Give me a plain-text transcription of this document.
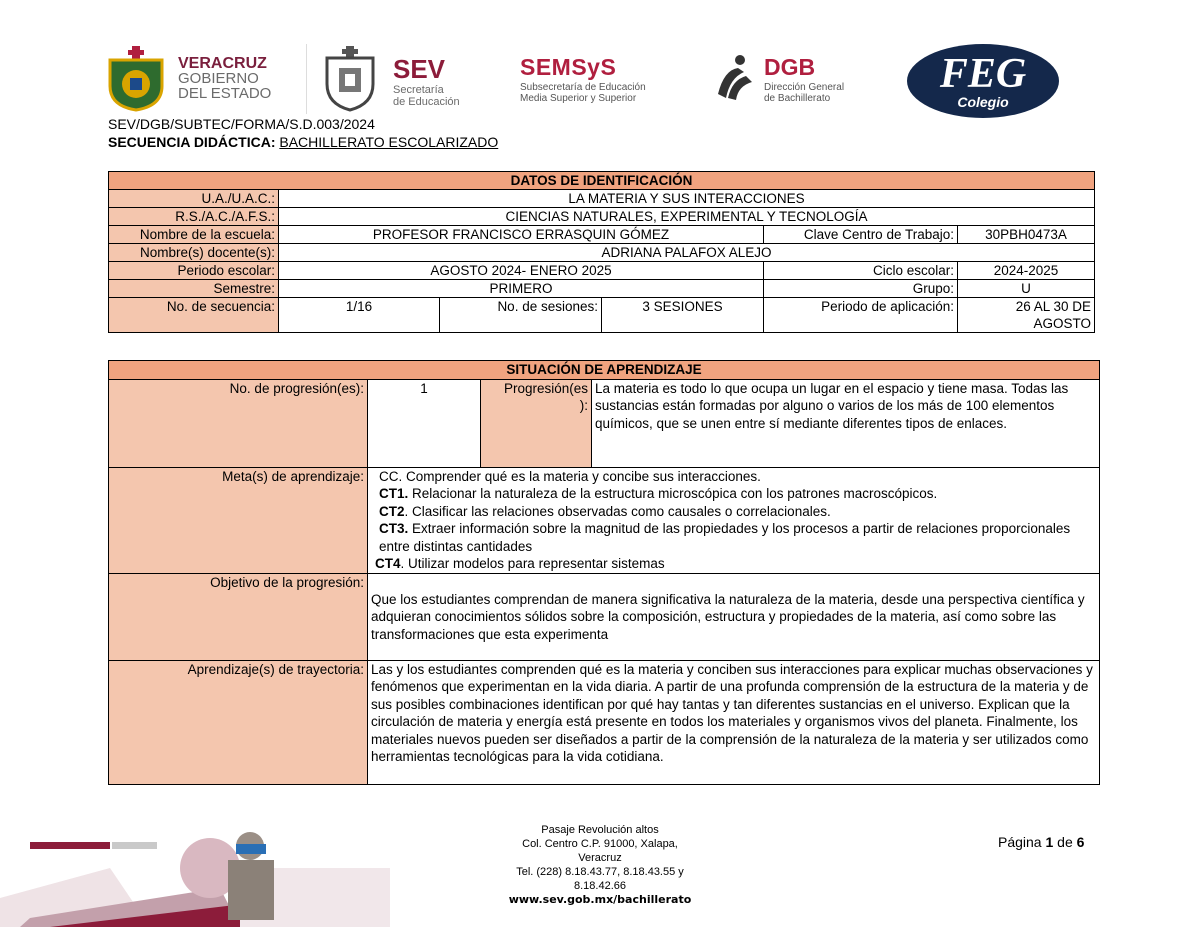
VERACRUZ
GOBIERNO
DEL ESTADO
SEV
Secretaría
de Educación
SEMSyS
Subsecretaría de Educación
Media Superior y Superior
DGB
Dirección General
de Bachillerato
FEG
Colegio
SEV/DGB/SUBTEC/FORMA/S.D.003/2024
SECUENCIA DIDÁCTICA: BACHILLERATO ESCOLARIZADO
DATOS DE IDENTIFICACIÓN					
U.A./U.A.C.:	LA MATERIA Y SUS INTERACCIONES				
R.S./A.C./A.F.S.:	CIENCIAS NATURALES, EXPERIMENTAL Y TECNOLOGÍA				
Nombre de la escuela:	PROFESOR FRANCISCO ERRASQUIN GÓMEZ			Clave Centro de Trabajo:	30PBH0473A
Nombre(s) docente(s):	ADRIANA PALAFOX ALEJO				
Periodo escolar:	AGOSTO 2024- ENERO 2025			Ciclo escolar:	2024-2025
Semestre:	PRIMERO			Grupo:	U
No. de secuencia:	1/16	No. de sesiones:	3 SESIONES	Periodo de aplicación:	26 AL 30 DE
AGOSTO
SITUACIÓN DE APRENDIZAJE			
No. de progresión(es):	1	Progresión(es
):	La materia es todo lo que ocupa un lugar en el espacio y tiene masa. Todas las sustancias están formadas por alguno o varios de los más de 100 elementos químicos, que se unen entre sí mediante diferentes tipos de enlaces.
Meta(s) de aprendizaje:	CC. Comprender qué es la materia y concibe sus interacciones.
CT1. Relacionar la naturaleza de la estructura microscópica con los patrones macroscópicos.
CT2. Clasificar las relaciones observadas como causales o correlacionales.
CT3. Extraer información sobre la magnitud de las propiedades y los procesos a partir de relaciones proporcionales entre distintas cantidades
CT4. Utilizar modelos para representar sistemas		

Objetivo de la progresión:	Que los estudiantes comprendan de manera significativa la naturaleza de la materia, desde una perspectiva científica y adquieran conocimientos sólidos sobre la composición, estructura y propiedades de la materia, así como sobre las transformaciones que esta experimenta		
Aprendizaje(s) de trayectoria:	Las y los estudiantes comprenden qué es la materia y conciben sus interacciones para explicar muchas observaciones y fenómenos que experimentan en la vida diaria. A partir de una profunda comprensión de la estructura de la materia y de sus posibles combinaciones identifican por qué hay tantas y tan diferentes sustancias en el universo. Explican que la circulación de materia y energía está presente en todos los materiales y organismos vivos del planeta. Finalmente, los materiales nuevos pueden ser diseñados a partir de la comprensión de la naturaleza de la materia y ser utilizados como herramientas tecnológicas para la vida cotidiana.		
Pasaje Revolución altos
Col. Centro C.P. 91000, Xalapa,
Veracruz
Tel. (228) 8.18.43.77, 8.18.43.55 y
8.18.42.66
www.sev.gob.mx/bachillerato
Página 1 de 6
